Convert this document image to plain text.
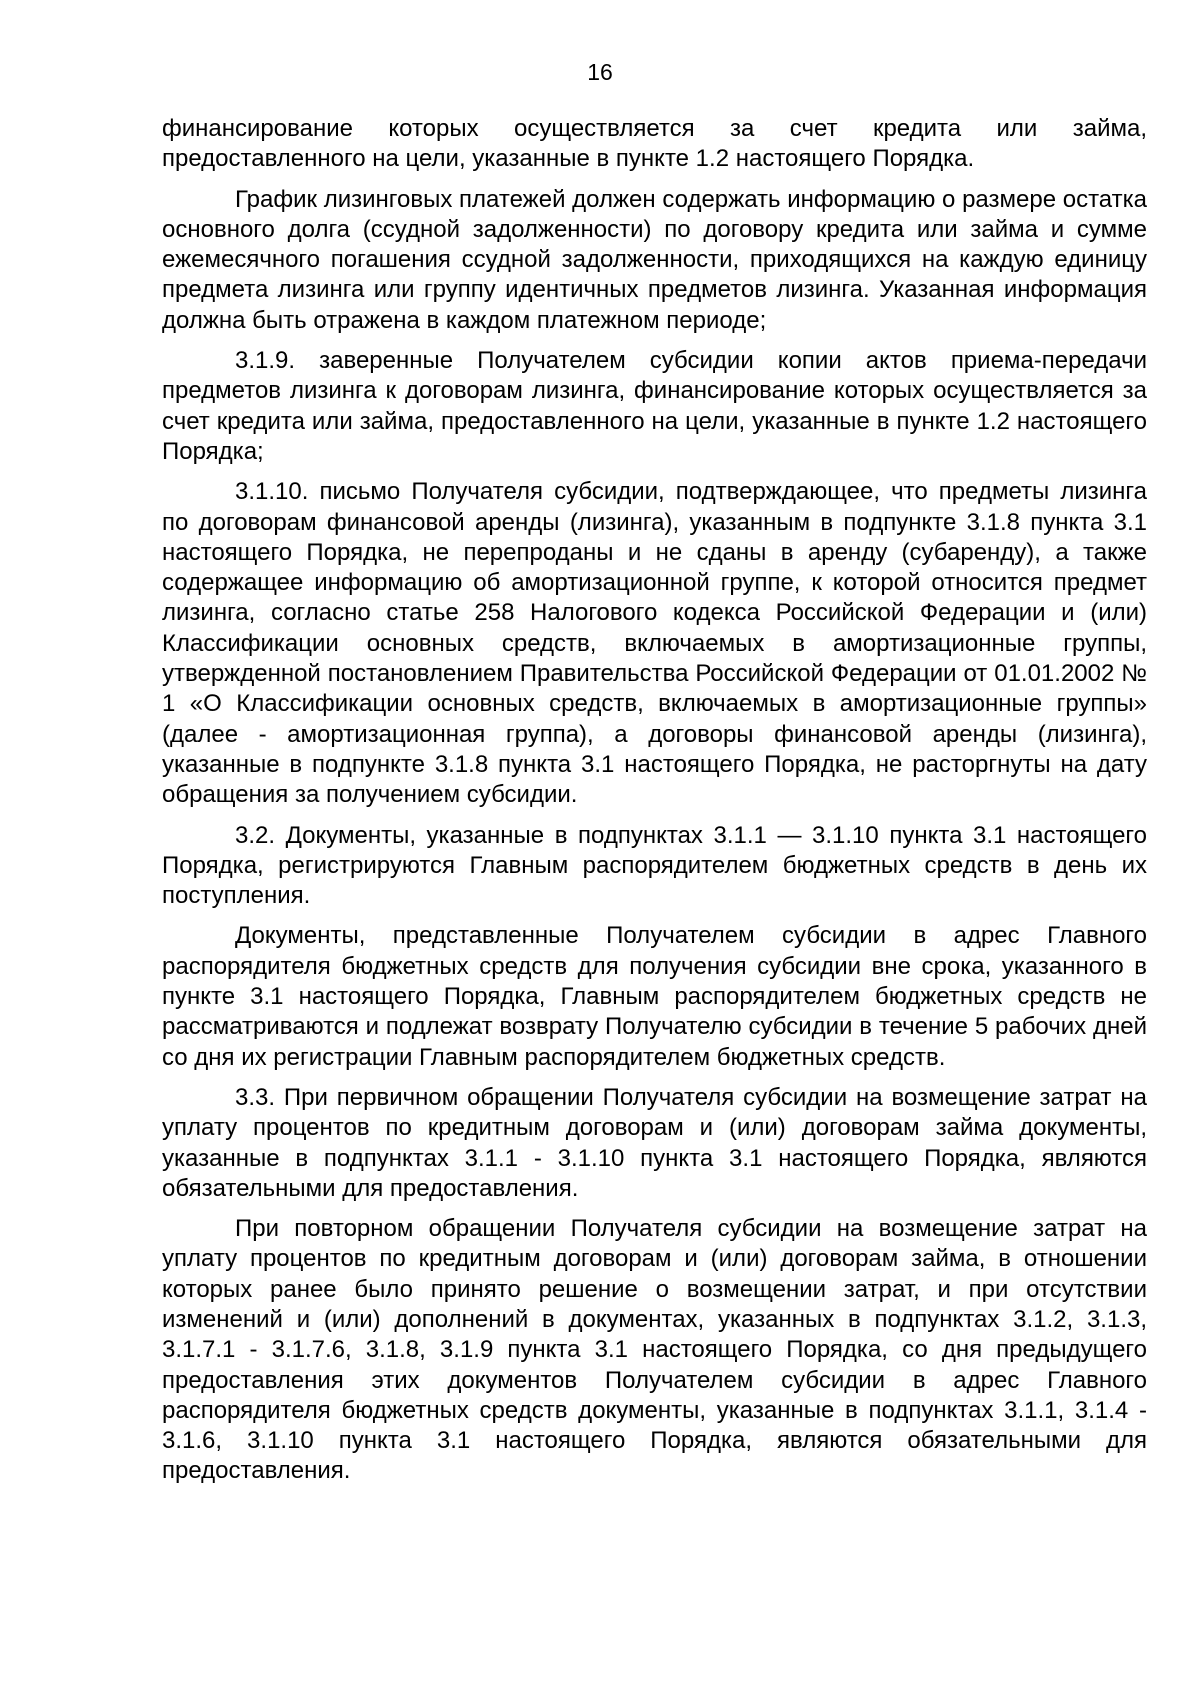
16

финансирование которых осуществляется за счет кредита или займа, предоставленного на цели, указанные в пункте 1.2 настоящего Порядка.

График лизинговых платежей должен содержать информацию о размере остатка основного долга (ссудной задолженности) по договору кредита или займа и сумме ежемесячного погашения ссудной задолженности, приходящихся на каждую единицу предмета лизинга или группу идентичных предметов лизинга. Указанная информация должна быть отражена в каждом платежном периоде;

3.1.9. заверенные Получателем субсидии копии актов приема-передачи предметов лизинга к договорам лизинга, финансирование которых осуществляется за счет кредита или займа, предоставленного на цели, указанные в пункте 1.2 настоящего Порядка;

3.1.10. письмо Получателя субсидии, подтверждающее, что предметы лизинга по договорам финансовой аренды (лизинга), указанным в подпункте 3.1.8 пункта 3.1 настоящего Порядка, не перепроданы и не сданы в аренду (субаренду), а также содержащее информацию об амортизационной группе, к которой относится предмет лизинга, согласно статье 258 Налогового кодекса Российской Федерации и (или) Классификации основных средств, включаемых в амортизационные группы, утвержденной постановлением Правительства Российской Федерации от 01.01.2002 № 1 «О Классификации основных средств, включаемых в амортизационные группы» (далее - амортизационная группа), а договоры финансовой аренды (лизинга), указанные в подпункте 3.1.8 пункта 3.1 настоящего Порядка, не расторгнуты на дату обращения за получением субсидии.

3.2. Документы, указанные в подпунктах 3.1.1 — 3.1.10 пункта 3.1 настоящего Порядка, регистрируются Главным распорядителем бюджетных средств в день их поступления.

Документы, представленные Получателем субсидии в адрес Главного распорядителя бюджетных средств для получения субсидии вне срока, указанного в пункте 3.1 настоящего Порядка, Главным распорядителем бюджетных средств не рассматриваются и подлежат возврату Получателю субсидии в течение 5 рабочих дней со дня их регистрации Главным распорядителем бюджетных средств.

3.3. При первичном обращении Получателя субсидии на возмещение затрат на уплату процентов по кредитным договорам и (или) договорам займа документы, указанные в подпунктах 3.1.1 - 3.1.10 пункта 3.1 настоящего Порядка, являются обязательными для предоставления.

При повторном обращении Получателя субсидии на возмещение затрат на уплату процентов по кредитным договорам и (или) договорам займа, в отношении которых ранее было принято решение о возмещении затрат, и при отсутствии изменений и (или) дополнений в документах, указанных в подпунктах 3.1.2, 3.1.3, 3.1.7.1 - 3.1.7.6, 3.1.8, 3.1.9 пункта 3.1 настоящего Порядка, со дня предыдущего предоставления этих документов Получателем субсидии в адрес Главного распорядителя бюджетных средств документы, указанные в подпунктах 3.1.1, 3.1.4 - 3.1.6, 3.1.10 пункта 3.1 настоящего Порядка, являются обязательными для предоставления.
